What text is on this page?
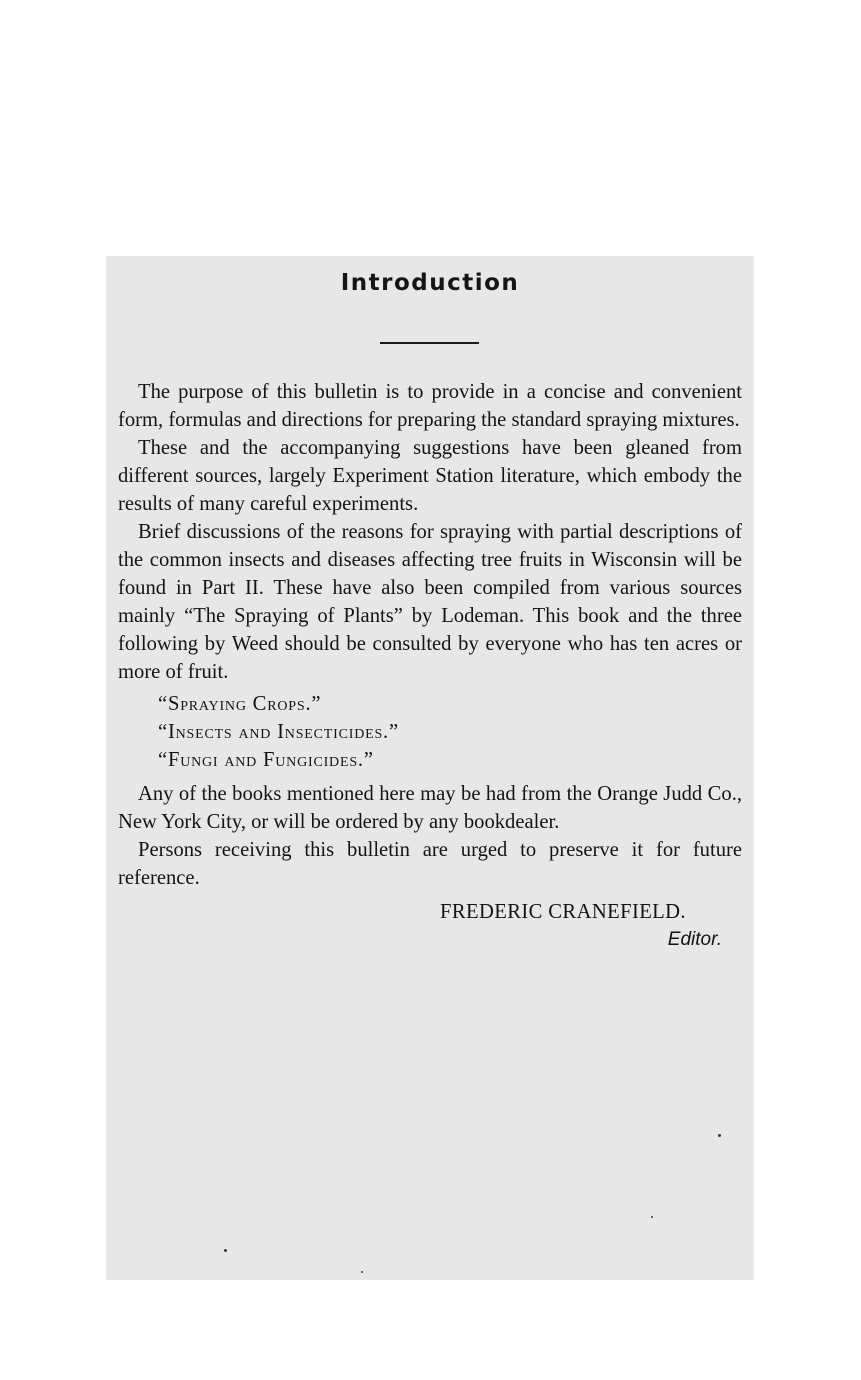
Introduction

The purpose of this bulletin is to provide in a concise and convenient form, formulas and directions for preparing the standard spraying mixtures.

These and the accompanying suggestions have been gleaned from different sources, largely Experiment Station literature, which embody the results of many careful experiments.

Brief discussions of the reasons for spraying with partial descriptions of the common insects and diseases affecting tree fruits in Wisconsin will be found in Part II. These have also been compiled from various sources mainly “The Spraying of Plants” by Lodeman. This book and the three following by Weed should be consulted by everyone who has ten acres or more of fruit.

“Spraying Crops.”
“Insects and Insecticides.”
“Fungi and Fungicides.”

Any of the books mentioned here may be had from the Orange Judd Co., New York City, or will be ordered by any bookdealer.

Persons receiving this bulletin are urged to preserve it for future reference.

FREDERIC CRANEFIELD.
Editor.
